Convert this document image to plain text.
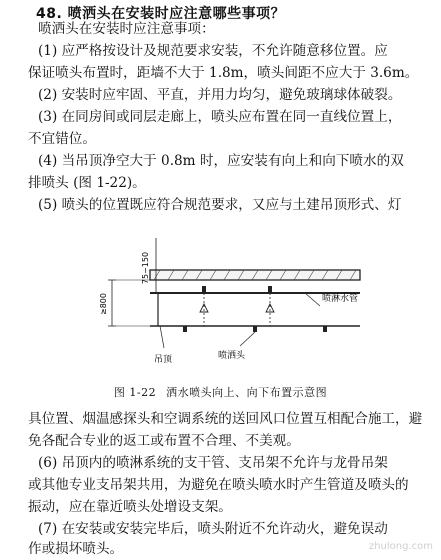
48. 喷洒头在安装时应注意哪些事项？
喷洒头在安装时应注意事项：
(1) 应严格按设计及规范要求安装，不允许随意移位置。应
保证喷头布置时，距墙不大于 1.8m，喷头间距不应大于 3.6m。
(2) 安装时应牢固、平直，并用力均匀，避免玻璃球体破裂。
(3) 在同房间或同层走廊上，喷头应布置在同一直线位置上，
不宜错位。
(4) 当吊顶净空大于 0.8m 时，应安装有向上和向下喷水的双
排喷头 (图 1-22)。
(5) 喷头的位置既应符合规范要求，又应与土建吊顶形式、灯
75~150
喷淋水管
≥800
吊顶	喷洒头
图 1-22 洒水喷头向上、向下布置示意图
具位置、烟温感探头和空调系统的送回风口位置互相配合施工，避
免各配合专业的返工或布置不合理、不美观。
(6) 吊顶内的喷淋系统的支干管、支吊架不允许与龙骨吊架
或其他专业支吊架共用，为避免在喷头喷水时产生管道及喷头的
振动，应在靠近喷头处增设支架。
(7) 在安装或安装完毕后，喷头附近不允许动火，避免误动
作或损坏喷头。	zhulong.com
